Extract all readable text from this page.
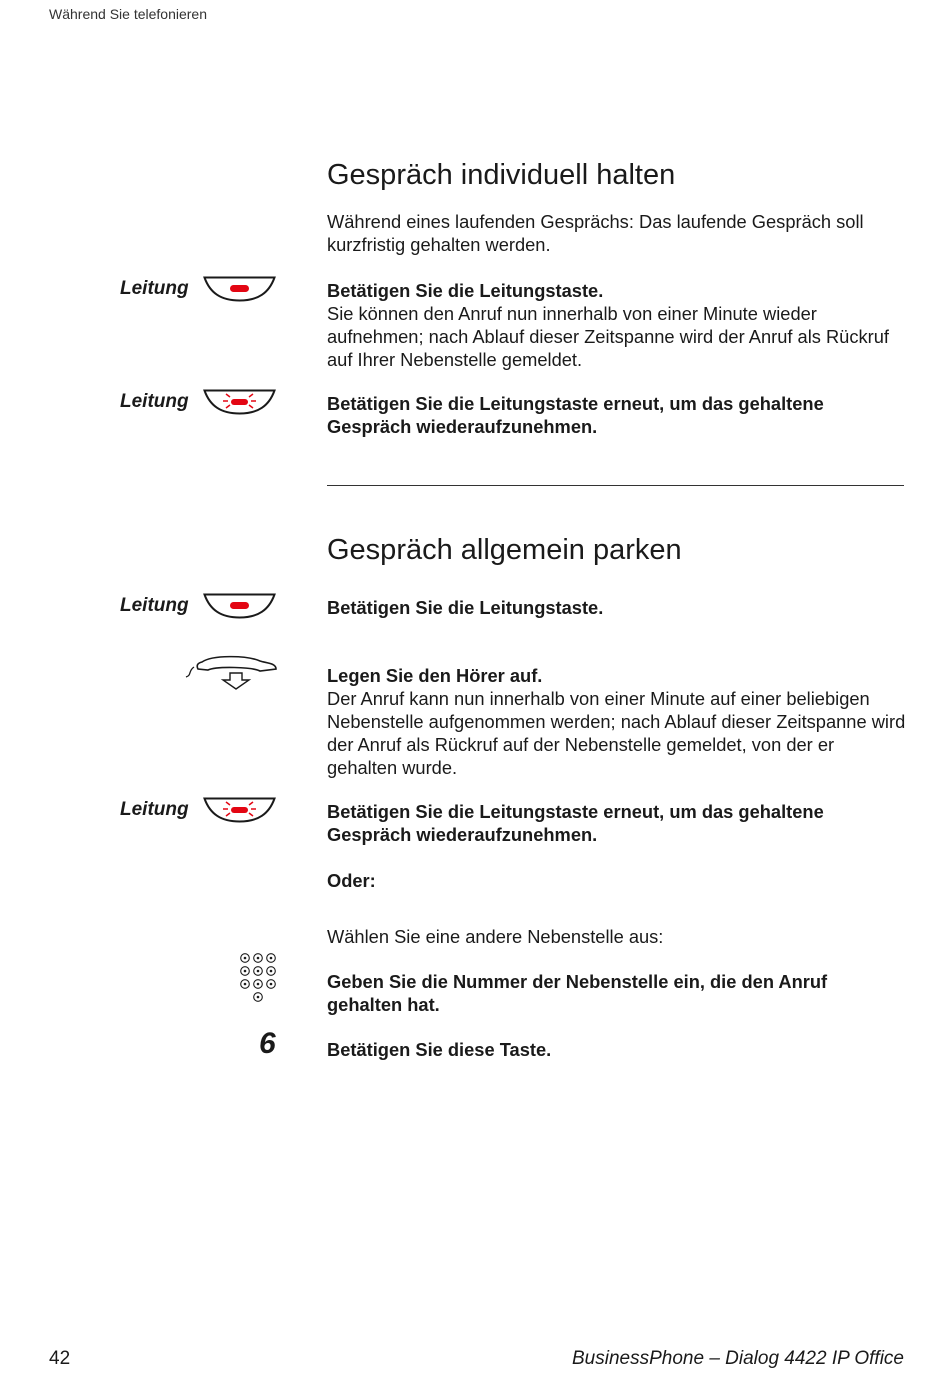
Während Sie telefonieren
Gespräch individuell halten
Während eines laufenden Gesprächs: Das laufende Gespräch soll kurzfristig gehalten werden.
Leitung	Betätigen Sie die Leitungstaste.
Sie können den Anruf nun innerhalb von einer Minute wieder aufnehmen; nach Ablauf dieser Zeitspanne wird der Anruf als Rückruf auf Ihrer Nebenstelle gemeldet.
Leitung	Betätigen Sie die Leitungstaste erneut, um das gehaltene Gespräch wiederaufzunehmen.
Gespräch allgemein parken
Leitung	Betätigen Sie die Leitungstaste.
Legen Sie den Hörer auf.
Der Anruf kann nun innerhalb von einer Minute auf einer beliebigen Nebenstelle aufgenommen werden; nach Ablauf dieser Zeitspanne wird der Anruf als Rückruf auf der Nebenstelle gemeldet, von der er gehalten wurde.
Leitung	Betätigen Sie die Leitungstaste erneut, um das gehaltene Gespräch wiederaufzunehmen.
Oder:
Wählen Sie eine andere Nebenstelle aus:
Geben Sie die Nummer der Nebenstelle ein, die den Anruf gehalten hat.
6	Betätigen Sie diese Taste.
42	BusinessPhone – Dialog 4422 IP Office
